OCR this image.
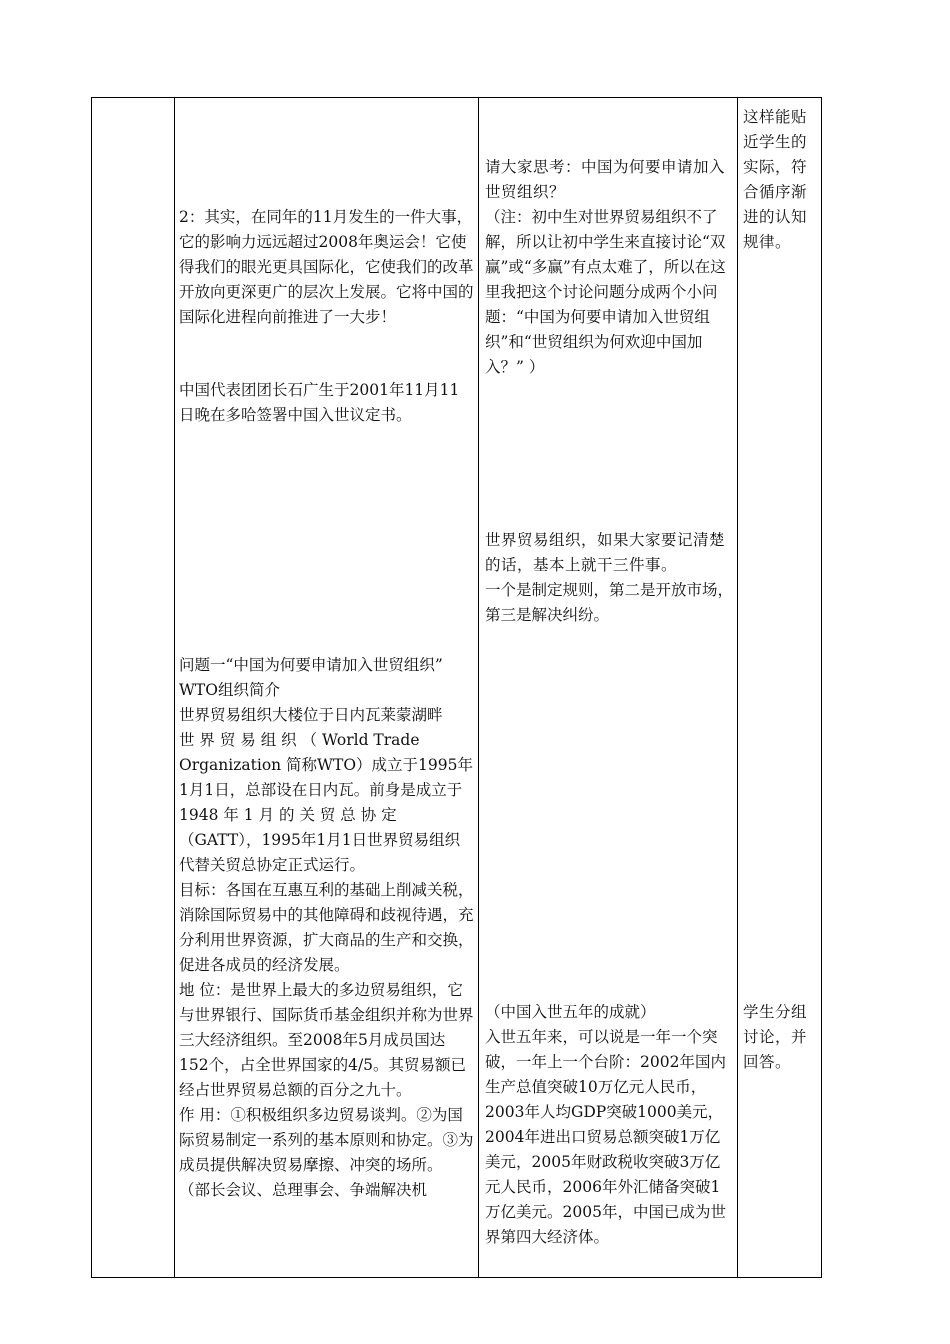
2：其实，在同年的11月发生的一件大事，它的影响力远远超过2008年奥运会！它使得我们的眼光更具国际化，它使我们的改革开放向更深更广的层次上发展。它将中国的国际化进程向前推进了一大步！

中国代表团团长石广生于2001年11月11日晚在多哈签署中国入世议定书。

问题一“中国为何要申请加入世贸组织”

WTO组织简介

世界贸易组织大楼位于日内瓦莱蒙湖畔

世 界 贸 易 组 织 （ World Trade Organization 简称WTO）成立于1995年1月1日，总部设在日内瓦。前身是成立于 1948 年 1 月 的 关 贸 总 协 定（GATT），1995年1月1日世界贸易组织代替关贸总协定正式运行。

目标：各国在互惠互利的基础上削减关税，消除国际贸易中的其他障碍和歧视待遇，充分利用世界资源，扩大商品的生产和交换，促进各成员的经济发展。

地 位：是世界上最大的多边贸易组织，它与世界银行、国际货币基金组织并称为世界三大经济组织。至2008年5月成员国达152个，占全世界国家的4/5。其贸易额已经占世界贸易总额的百分之九十。

作 用：①积极组织多边贸易谈判。②为国际贸易制定一系列的基本原则和协定。③为成员提供解决贸易摩擦、冲突的场所。

（部长会议、总理事会、争端解决机

请大家思考：中国为何要申请加入世贸组织？

（注：初中生对世界贸易组织不了解，所以让初中学生来直接讨论“双赢”或“多赢”有点太难了，所以在这里我把这个讨论问题分成两个小问题：“中国为何要申请加入世贸组织”和“世贸组织为何欢迎中国加入？” ）

世界贸易组织，如果大家要记清楚的话，基本上就干三件事。

一个是制定规则，第二是开放市场，第三是解决纠纷。

（中国入世五年的成就）

入世五年来，可以说是一年一个突破，一年上一个台阶：2002年国内生产总值突破10万亿元人民币，2003年人均GDP突破1000美元，2004年进出口贸易总额突破1万亿美元，2005年财政税收突破3万亿元人民币，2006年外汇储备突破1万亿美元。2005年，中国已成为世界第四大经济体。

这样能贴近学生的实际，符合循序渐进的认知规律。

学生分组讨论，并回答。
